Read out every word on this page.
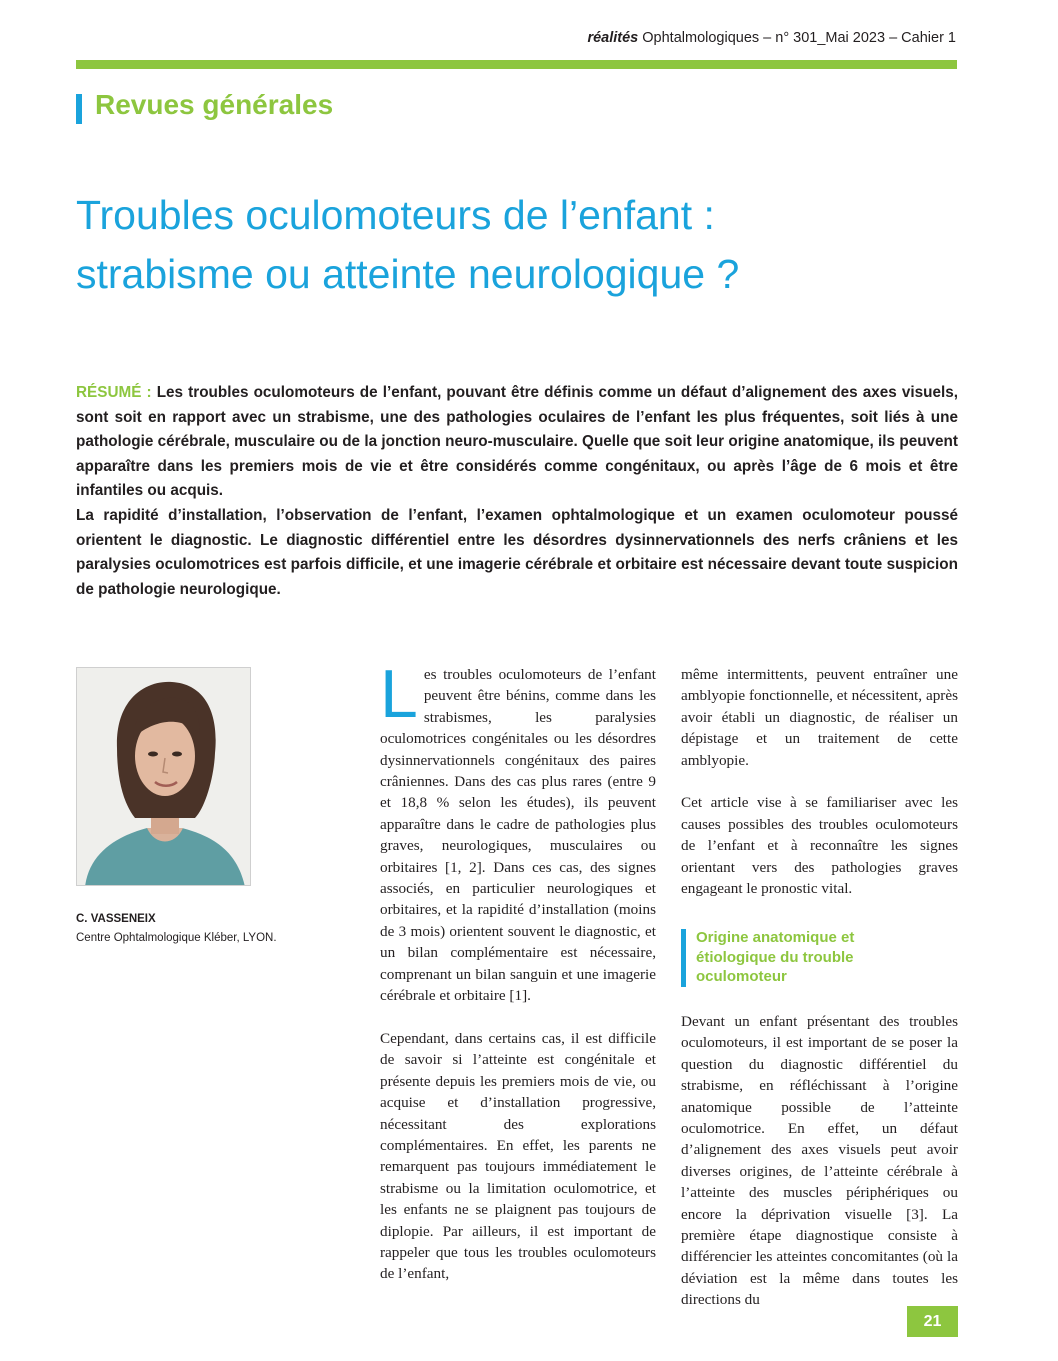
réalités Ophtalmologiques – n° 301_Mai 2023 – Cahier 1
Revues générales
Troubles oculomoteurs de l’enfant :
strabisme ou atteinte neurologique ?

RÉSUMÉ : Les troubles oculomoteurs de l’enfant, pouvant être définis comme un défaut d’alignement des axes visuels, sont soit en rapport avec un strabisme, une des pathologies oculaires de l’enfant les plus fréquentes, soit liés à une pathologie cérébrale, musculaire ou de la jonction neuro-musculaire. Quelle que soit leur origine anatomique, ils peuvent apparaître dans les premiers mois de vie et être considérés comme congénitaux, ou après l’âge de 6 mois et être infantiles ou acquis.

La rapidité d’installation, l’observation de l’enfant, l’examen ophtalmologique et un examen oculomoteur poussé orientent le diagnostic. Le diagnostic différentiel entre les désordres dysinnervationnels des nerfs crâniens et les paralysies oculomotrices est parfois difficile, et une imagerie cérébrale et orbitaire est nécessaire devant toute suspicion de pathologie neurologique.

C. VASSENEIX
Centre Ophtalmologique Kléber, LYON.

Les troubles oculomoteurs de l’enfant peuvent être bénins, comme dans les strabismes, les paralysies oculomotrices congénitales ou les désordres dysinnervationnels congénitaux des paires crâniennes. Dans des cas plus rares (entre 9 et 18,8 % selon les études), ils peuvent apparaître dans le cadre de pathologies plus graves, neurologiques, musculaires ou orbitaires [1, 2]. Dans ces cas, des signes associés, en particulier neurologiques et orbitaires, et la rapidité d’installation (moins de 3 mois) orientent souvent le diagnostic, et un bilan complémentaire est nécessaire, comprenant un bilan sanguin et une imagerie cérébrale et orbitaire [1].

Cependant, dans certains cas, il est difficile de savoir si l’atteinte est congénitale et présente depuis les premiers mois de vie, ou acquise et d’installation progressive, nécessitant des explorations complémentaires. En effet, les parents ne remarquent pas toujours immédiatement le strabisme ou la limitation oculomotrice, et les enfants ne se plaignent pas toujours de diplopie. Par ailleurs, il est important de rappeler que tous les troubles oculomoteurs de l’enfant,

même intermittents, peuvent entraîner une amblyopie fonctionnelle, et nécessitent, après avoir établi un diagnostic, de réaliser un dépistage et un traitement de cette amblyopie.

Cet article vise à se familiariser avec les causes possibles des troubles oculomoteurs de l’enfant et à reconnaître les signes orientant vers des pathologies graves engageant le pronostic vital.

Origine anatomique et étiologique du trouble oculomoteur

Devant un enfant présentant des troubles oculomoteurs, il est important de se poser la question du diagnostic différentiel du strabisme, en réfléchissant à l’origine anatomique possible de l’atteinte oculomotrice. En effet, un défaut d’alignement des axes visuels peut avoir diverses origines, de l’atteinte cérébrale à l’atteinte des muscles périphériques ou encore la déprivation visuelle [3]. La première étape diagnostique consiste à différencier les atteintes concomitantes (où la déviation est la même dans toutes les directions du

21
